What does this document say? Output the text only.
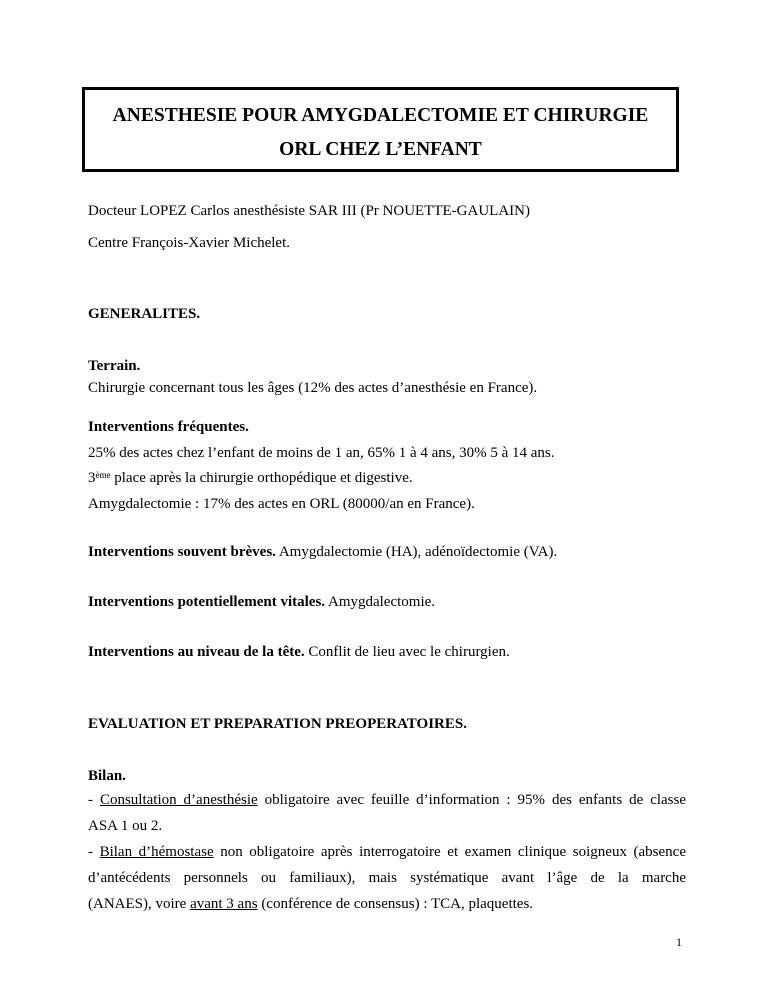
ANESTHESIE POUR AMYGDALECTOMIE ET CHIRURGIE
ORL CHEZ L’ENFANT
Docteur LOPEZ Carlos anesthésiste SAR III (Pr NOUETTE-GAULAIN)
Centre François-Xavier Michelet.
GENERALITES.
Terrain.
Chirurgie concernant tous les âges (12% des actes d’anesthésie en France).
Interventions fréquentes.
25% des actes chez l’enfant de moins de 1 an, 65% 1 à 4 ans, 30% 5 à 14 ans.
3ème place après la chirurgie orthopédique et digestive.
Amygdalectomie : 17% des actes en ORL (80000/an en France).
Interventions souvent brèves. Amygdalectomie (HA), adénoïdectomie (VA).
Interventions potentiellement vitales. Amygdalectomie.
Interventions au niveau de la tête. Conflit de lieu avec le chirurgien.
EVALUATION ET PREPARATION PREOPERATOIRES.
Bilan.
- Consultation d’anesthésie obligatoire avec feuille d’information : 95% des enfants de classe
ASA 1 ou 2.
- Bilan d’hémostase non obligatoire après interrogatoire et examen clinique soigneux (absence
d’antécédents personnels ou familiaux), mais systématique avant l’âge de la marche
(ANAES), voire avant 3 ans (conférence de consensus) : TCA, plaquettes.
1
